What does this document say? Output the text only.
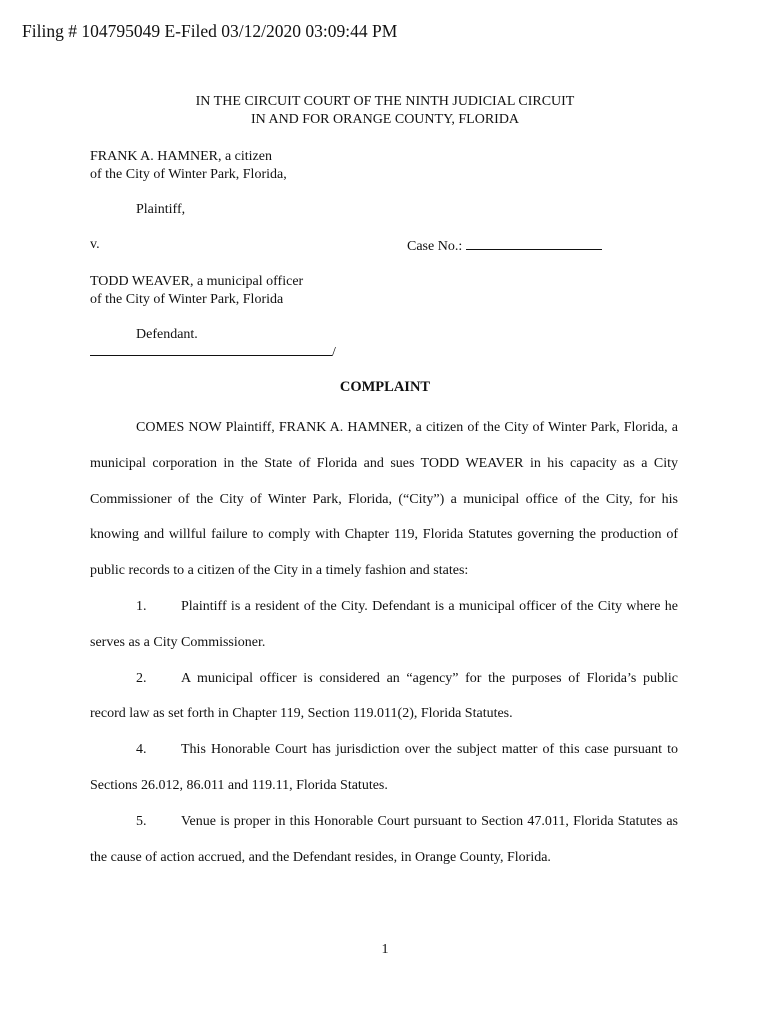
Filing # 104795049 E-Filed 03/12/2020 03:09:44 PM
IN THE CIRCUIT COURT OF THE NINTH JUDICIAL CIRCUIT
IN AND FOR ORANGE COUNTY, FLORIDA
FRANK A. HAMNER, a citizen
of the City of Winter Park, Florida,
Plaintiff,
v.	Case No.:
TODD WEAVER, a municipal officer
of the City of Winter Park, Florida
Defendant.
/
COMPLAINT

COMES NOW Plaintiff, FRANK A. HAMNER, a citizen of the City of Winter Park, Florida, a municipal corporation in the State of Florida and sues TODD WEAVER in his capacity as a City Commissioner of the City of Winter Park, Florida, (“City”) a municipal office of the City, for his knowing and willful failure to comply with Chapter 119, Florida Statutes governing the production of public records to a citizen of the City in a timely fashion and states:

1. Plaintiff is a resident of the City. Defendant is a municipal officer of the City where he serves as a City Commissioner.

2. A municipal officer is considered an “agency” for the purposes of Florida’s public record law as set forth in Chapter 119, Section 119.011(2), Florida Statutes.

4. This Honorable Court has jurisdiction over the subject matter of this case pursuant to Sections 26.012, 86.011 and 119.11, Florida Statutes.

5. Venue is proper in this Honorable Court pursuant to Section 47.011, Florida Statutes as the cause of action accrued, and the Defendant resides, in Orange County, Florida.

1
